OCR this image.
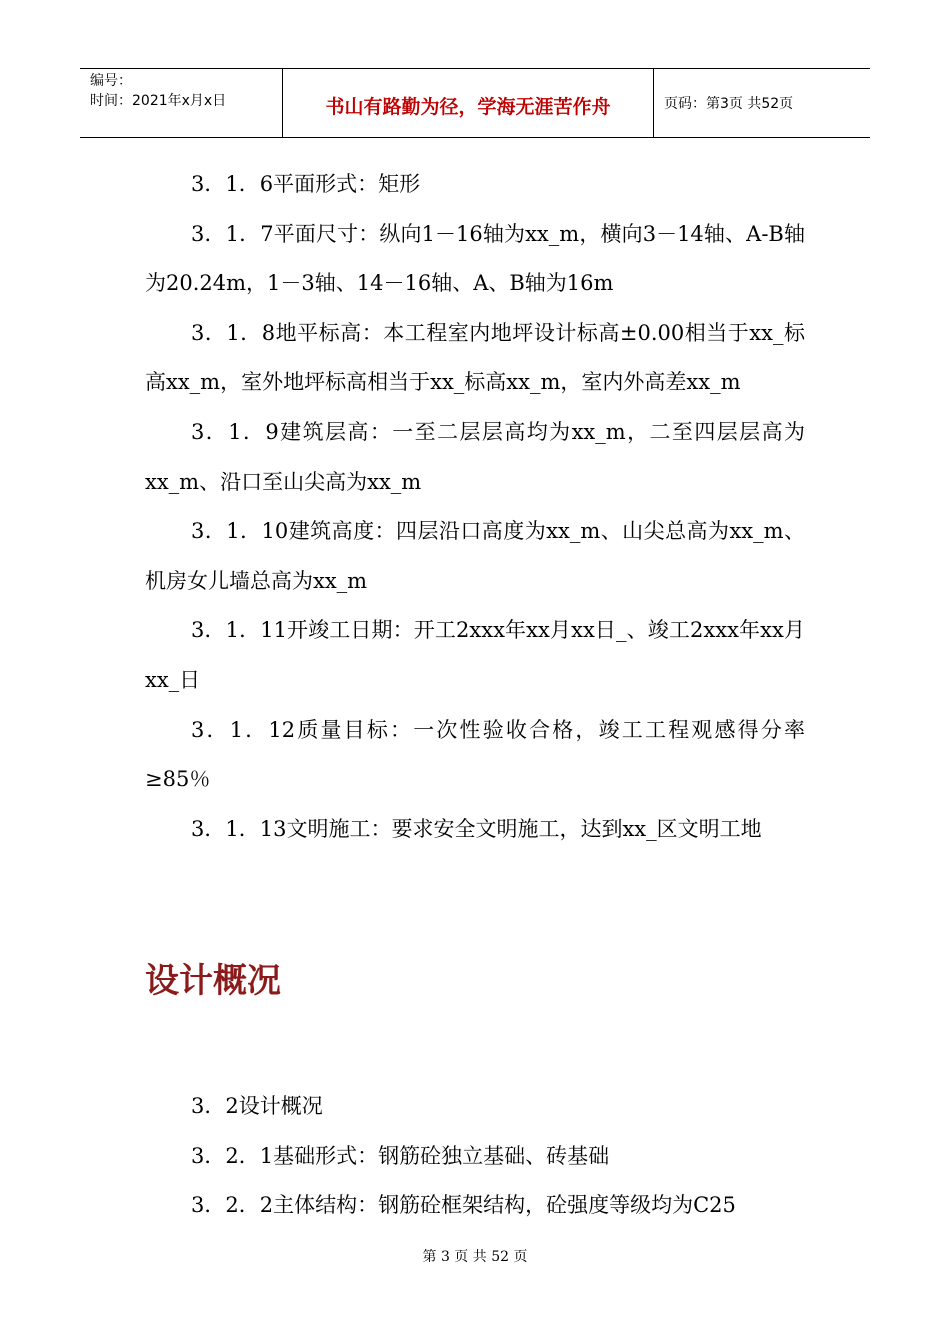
编号：
时间：2021年x月x日	书山有路勤为径，学海无涯苦作舟	页码：第3页 共52页

3．1．6平面形式：矩形

3．1．7平面尺寸：纵向1－16轴为xx_m，横向3－14轴、A-B轴为20.24m，1－3轴、14－16轴、A、B轴为16m

3．1．8地平标高：本工程室内地坪设计标高±0.00相当于xx_标高xx_m，室外地坪标高相当于xx_标高xx_m，室内外高差xx_m

3．1．9建筑层高：一至二层层高均为xx_m，二至四层层高为xx_m、沿口至山尖高为xx_m

3．1．10建筑高度：四层沿口高度为xx_m、山尖总高为xx_m、机房女儿墙总高为xx_m

3．1．11开竣工日期：开工2xxx年xx月xx日_、竣工2xxx年xx月xx_日

3．1．12质量目标：一次性验收合格，竣工工程观感得分率≥85％

3．1．13文明施工：要求安全文明施工，达到xx_区文明工地

设计概况

3．2设计概况

3．2．1基础形式：钢筋砼独立基础、砖基础

3．2．2主体结构：钢筋砼框架结构，砼强度等级均为C25

第 3 页 共 52 页
